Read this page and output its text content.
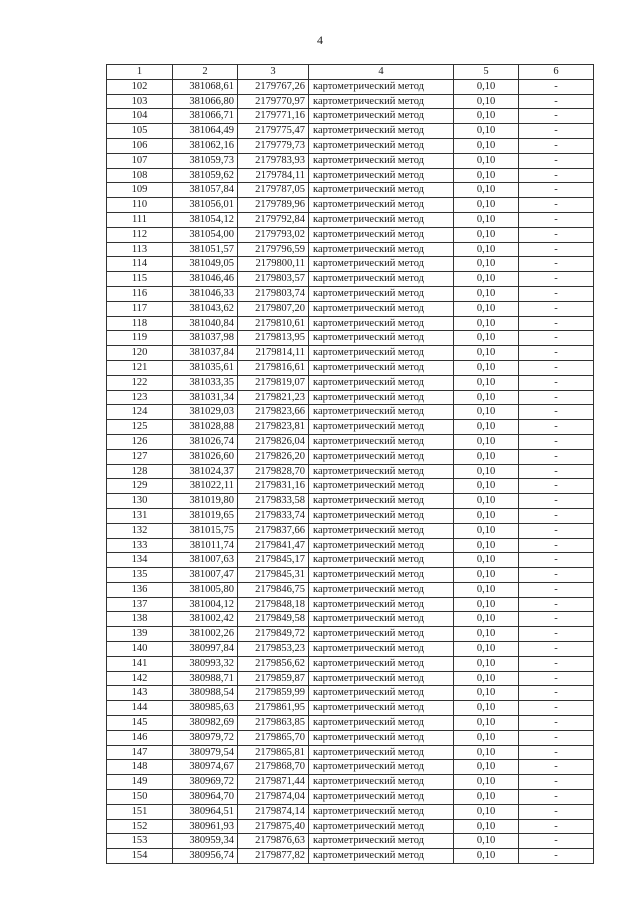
4
1	2	3	4	5	6
102	381068,61	2179767,26	картометрический метод	0,10	-
103	381066,80	2179770,97	картометрический метод	0,10	-
104	381066,71	2179771,16	картометрический метод	0,10	-
105	381064,49	2179775,47	картометрический метод	0,10	-
106	381062,16	2179779,73	картометрический метод	0,10	-
107	381059,73	2179783,93	картометрический метод	0,10	-
108	381059,62	2179784,11	картометрический метод	0,10	-
109	381057,84	2179787,05	картометрический метод	0,10	-
110	381056,01	2179789,96	картометрический метод	0,10	-
111	381054,12	2179792,84	картометрический метод	0,10	-
112	381054,00	2179793,02	картометрический метод	0,10	-
113	381051,57	2179796,59	картометрический метод	0,10	-
114	381049,05	2179800,11	картометрический метод	0,10	-
115	381046,46	2179803,57	картометрический метод	0,10	-
116	381046,33	2179803,74	картометрический метод	0,10	-
117	381043,62	2179807,20	картометрический метод	0,10	-
118	381040,84	2179810,61	картометрический метод	0,10	-
119	381037,98	2179813,95	картометрический метод	0,10	-
120	381037,84	2179814,11	картометрический метод	0,10	-
121	381035,61	2179816,61	картометрический метод	0,10	-
122	381033,35	2179819,07	картометрический метод	0,10	-
123	381031,34	2179821,23	картометрический метод	0,10	-
124	381029,03	2179823,66	картометрический метод	0,10	-
125	381028,88	2179823,81	картометрический метод	0,10	-
126	381026,74	2179826,04	картометрический метод	0,10	-
127	381026,60	2179826,20	картометрический метод	0,10	-
128	381024,37	2179828,70	картометрический метод	0,10	-
129	381022,11	2179831,16	картометрический метод	0,10	-
130	381019,80	2179833,58	картометрический метод	0,10	-
131	381019,65	2179833,74	картометрический метод	0,10	-
132	381015,75	2179837,66	картометрический метод	0,10	-
133	381011,74	2179841,47	картометрический метод	0,10	-
134	381007,63	2179845,17	картометрический метод	0,10	-
135	381007,47	2179845,31	картометрический метод	0,10	-
136	381005,80	2179846,75	картометрический метод	0,10	-
137	381004,12	2179848,18	картометрический метод	0,10	-
138	381002,42	2179849,58	картометрический метод	0,10	-
139	381002,26	2179849,72	картометрический метод	0,10	-
140	380997,84	2179853,23	картометрический метод	0,10	-
141	380993,32	2179856,62	картометрический метод	0,10	-
142	380988,71	2179859,87	картометрический метод	0,10	-
143	380988,54	2179859,99	картометрический метод	0,10	-
144	380985,63	2179861,95	картометрический метод	0,10	-
145	380982,69	2179863,85	картометрический метод	0,10	-
146	380979,72	2179865,70	картометрический метод	0,10	-
147	380979,54	2179865,81	картометрический метод	0,10	-
148	380974,67	2179868,70	картометрический метод	0,10	-
149	380969,72	2179871,44	картометрический метод	0,10	-
150	380964,70	2179874,04	картометрический метод	0,10	-
151	380964,51	2179874,14	картометрический метод	0,10	-
152	380961,93	2179875,40	картометрический метод	0,10	-
153	380959,34	2179876,63	картометрический метод	0,10	-
154	380956,74	2179877,82	картометрический метод	0,10	-
